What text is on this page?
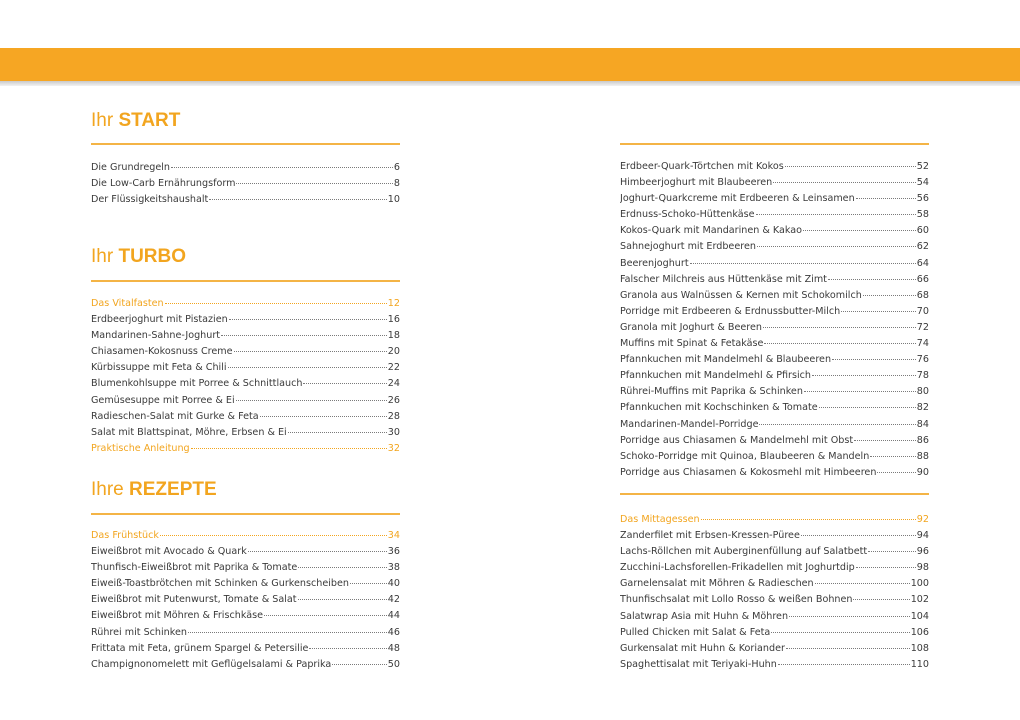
Ihr START
Die Grundregeln	6
Die Low-Carb Ernährungsform	8
Der Flüssigkeitshaushalt	10
Ihr TURBO
Das Vitalfasten	12
Erdbeerjoghurt mit Pistazien	16
Mandarinen-Sahne-Joghurt	18
Chiasamen-Kokosnuss Creme	20
Kürbissuppe mit Feta & Chili	22
Blumenkohlsuppe mit Porree & Schnittlauch	24
Gemüsesuppe mit Porree & Ei	26
Radieschen-Salat mit Gurke & Feta	28
Salat mit Blattspinat, Möhre, Erbsen & Ei	30
Praktische Anleitung	32
Ihre REZEPTE
Das Frühstück	34
Eiweißbrot mit Avocado & Quark	36
Thunfisch-Eiweißbrot mit Paprika & Tomate	38
Eiweiß-Toastbrötchen mit Schinken & Gurkenscheiben	40
Eiweißbrot mit Putenwurst, Tomate & Salat	42
Eiweißbrot mit Möhren & Frischkäse	44
Rührei mit Schinken	46
Frittata mit Feta, grünem Spargel & Petersilie	48
Champignonomelett mit Geflügelsalami & Paprika	50
Erdbeer-Quark-Törtchen mit Kokos	52
Himbeerjoghurt mit Blaubeeren	54
Joghurt-Quarkcreme mit Erdbeeren & Leinsamen	56
Erdnuss-Schoko-Hüttenkäse	58
Kokos-Quark mit Mandarinen & Kakao	60
Sahnejoghurt mit Erdbeeren	62
Beerenjoghurt	64
Falscher Milchreis aus Hüttenkäse mit Zimt	66
Granola aus Walnüssen & Kernen mit Schokomilch	68
Porridge mit Erdbeeren & Erdnussbutter-Milch	70
Granola mit Joghurt & Beeren	72
Muffins mit Spinat & Fetakäse	74
Pfannkuchen mit Mandelmehl & Blaubeeren	76
Pfannkuchen mit Mandelmehl & Pfirsich	78
Rührei-Muffins mit Paprika & Schinken	80
Pfannkuchen mit Kochschinken & Tomate	82
Mandarinen-Mandel-Porridge	84
Porridge aus Chiasamen & Mandelmehl mit Obst	86
Schoko-Porridge mit Quinoa, Blaubeeren & Mandeln	88
Porridge aus Chiasamen & Kokosmehl mit Himbeeren	90
Das Mittagessen	92
Zanderfilet mit Erbsen-Kressen-Püree	94
Lachs-Röllchen mit Auberginenfüllung auf Salatbett	96
Zucchini-Lachsforellen-Frikadellen mit Joghurtdip	98
Garnelensalat mit Möhren & Radieschen	100
Thunfischsalat mit Lollo Rosso & weißen Bohnen	102
Salatwrap Asia mit Huhn & Möhren	104
Pulled Chicken mit Salat & Feta	106
Gurkensalat mit Huhn & Koriander	108
Spaghettisalat mit Teriyaki-Huhn	110
